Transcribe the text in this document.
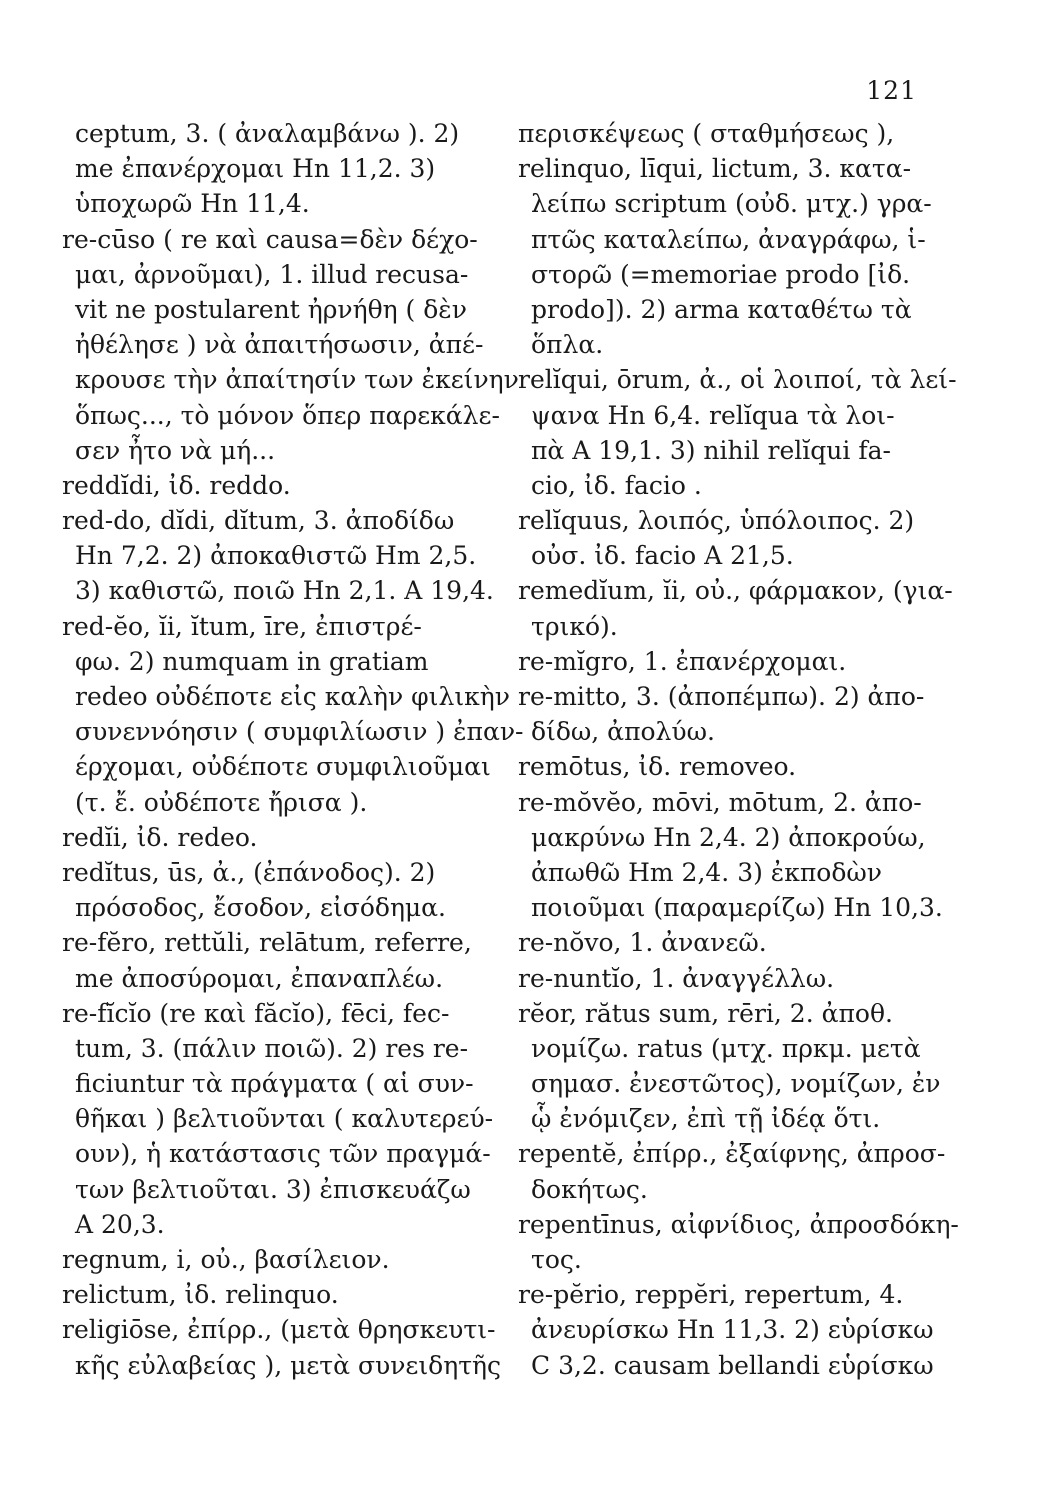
121
ceptum, 3. ( ἀναλαμβάνω ). 2)
me ἐπανέρχομαι Hn 11,2. 3)
ὑποχωρῶ Hn 11,4.
re-cūso ( re καὶ causa=δὲν δέχο-
μαι, ἀρνοῦμαι), 1. illud recusa-
vit ne postularent ἠρνήθη ( δὲν
ἠθέλησε ) νὰ ἀπαιτήσωσιν, ἀπέ-
κρουσε τὴν ἀπαίτησίν των ἐκείνην
ὅπως..., τὸ μόνον ὅπερ παρεκάλε-
σεν ἦτο νὰ μή...
reddĭdi, ἰδ. reddo.
red-do, dĭdi, dĭtum, 3. ἀποδίδω
Hn 7,2. 2) ἀποκαθιστῶ Hm 2,5.
3) καθιστῶ, ποιῶ Hn 2,1. A 19,4.
red-ĕo, ĭi, ĭtum, īre, ἐπιστρέ-
φω. 2) numquam in gratiam
redeo οὐδέποτε εἰς καλὴν φιλικὴν
συνεννόησιν ( συμφιλίωσιν ) ἐπαν-
έρχομαι, οὐδέποτε συμφιλιοῦμαι
(τ. ἔ. οὐδέποτε ἤρισα ).
redĭi, ἰδ. redeo.
redĭtus, ūs, ἀ., (ἐπάνοδος). 2)
πρόσοδος, ἔσοδον, εἰσόδημα.
re-fĕro, rettŭli, relātum, referre,
me ἀποσύρομαι, ἐπαναπλέω.
re-fĭcĭo (re καὶ făcĭo), fēci, fec-
tum, 3. (πάλιν ποιῶ). 2) res re-
ficiuntur τὰ πράγματα ( αἱ συν-
θῆκαι ) βελτιοῦνται ( καλυτερεύ-
ουν), ἡ κατάστασις τῶν πραγμά-
των βελτιοῦται. 3) ἐπισκευάζω
A 20,3.
regnum, i, οὐ., βασίλειον.
relictum, ἰδ. relinquo.
religiōse, ἐπίρρ., (μετὰ θρησκευτι-
κῆς εὐλαβείας ), μετὰ συνειδητῆς
περισκέψεως ( σταθμήσεως ),
relinquo, līqui, lictum, 3. κατα-
λείπω scriptum (οὐδ. μτχ.) γρα-
πτῶς καταλείπω, ἀναγράφω, ἱ-
στορῶ (=memoriae prodo [ἰδ.
prodo]). 2) arma καταθέτω τὰ
ὅπλα.
relĭqui, ōrum, ἀ., οἱ λοιποί, τὰ λεί-
ψανα Hn 6,4. relĭqua τὰ λοι-
πὰ A 19,1. 3) nihil relĭqui fa-
cio, ἰδ. facio .
relĭquus, λοιπός, ὑπόλοιπος. 2)
οὐσ. ἰδ. facio A 21,5.
remedĭum, ĭi, οὐ., φάρμακον, (για-
τρικό).
re-mĭgro, 1. ἐπανέρχομαι.
re-mitto, 3. (ἀποπέμπω). 2) ἀπο-
δίδω, ἀπολύω.
remōtus, ἰδ. removeo.
re-mŏvĕo, mōvi, mōtum, 2. ἀπο-
μακρύνω Hn 2,4. 2) ἀποκρούω,
ἀπωθῶ Hm 2,4. 3) ἐκποδὼν
ποιοῦμαι (παραμερίζω) Hn 10,3.
re-nŏvo, 1. ἀνανεῶ.
re-nuntĭo, 1. ἀναγγέλλω.
rĕor, rătus sum, rēri, 2. ἀποθ.
νομίζω. ratus (μτχ. πρκμ. μετὰ
σημασ. ἐνεστῶτος), νομίζων, ἐν
ᾧ ἐνόμιζεν, ἐπὶ τῇ ἰδέᾳ ὅτι.
repentĕ, ἐπίρρ., ἐξαίφνης, ἀπροσ-
δοκήτως.
repentīnus, αἰφνίδιος, ἀπροσδόκη-
τος.
re-pĕrio, reppĕri, repertum, 4.
ἀνευρίσκω Hn 11,3. 2) εὑρίσκω
C 3,2. causam bellandi εὑρίσκω
